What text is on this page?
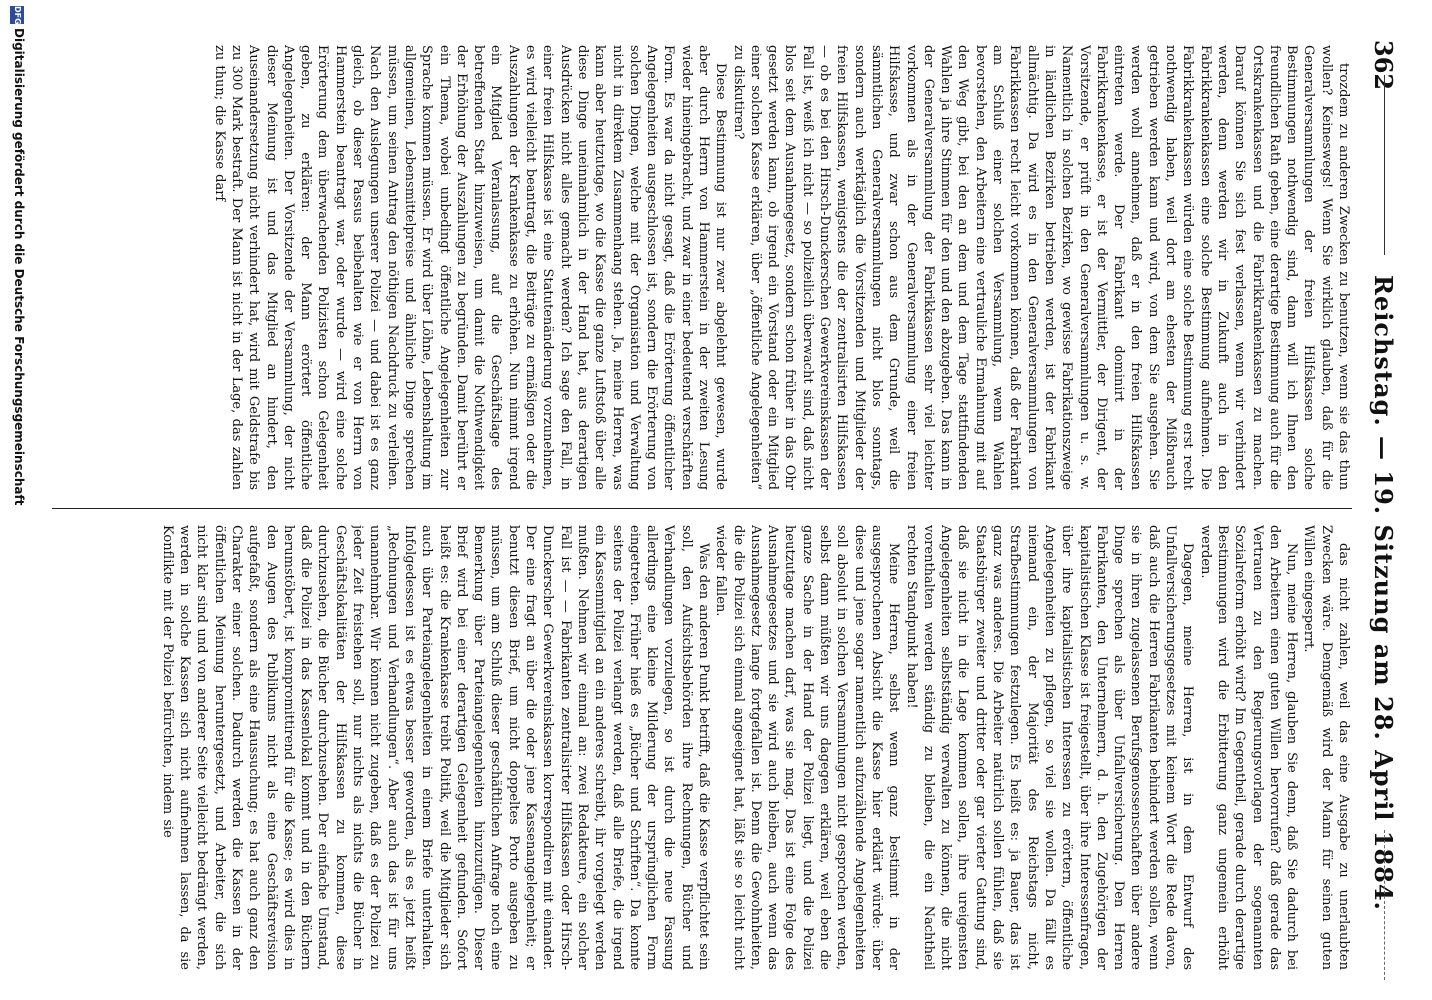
362
Reichstag. — 19. Sitzung am 28. April 1884.

trozdem zu anderen Zwecken zu benutzen, wenn sie das thun wollen? Keineswegs! Wenn Sie wirklich glauben, daß für die Generalversammlungen der freien Hilfskassen solche Bestimmungen nothwendig sind, dann will ich Ihnen den freundlichen Rath geben, eine derartige Bestimmung auch für die Ortskrankenkassen und die Fabrikkrankenkassen zu machen. Darauf können Sie sich fest verlassen, wenn wir verhindert werden, denn werden wir in Zukunft auch in den Fabrikkrankenkassen eine solche Bestimmung aufnehmen. Die Fabrikkrankenkassen würden eine solche Bestimmung erst recht nothwendig haben, weil dort am ehesten der Mißbrauch getrieben werden kann und wird, von dem Sie ausgehen. Sie werden wohl annehmen, daß er in den freien Hilfskassen eintreten werde. Der Fabrikant dominirt in der Fabrikkrankenkasse, er ist der Vermittler, der Dirigent, der Vorsitzende, er prüft in den Generalversammlungen u. s. w. Namentlich in solchen Bezirken, wo gewisse Fabrikationszweige in ländlichen Bezirken betrieben werden, ist der Fabrikant allmächtig. Da wird es in den Generalversammlungen von Fabrikkassen recht leicht vorkommen können, daß der Fabrikant am Schluß einer solchen Versammlung, wenn Wahlen bevorstehen, den Arbeitern eine vertrauliche Ermahnung mit auf den Weg gibt, bei den an dem und dem Tage stattfindenden Wahlen ja ihre Stimmen für den und den abzugeben. Das kann in der Generalversammlung der Fabrikkassen sehr viel leichter vorkommen als in der Generalversammlung einer freien Hilfskasse, und zwar schon aus dem Grunde, weil die sämmtlichen Generalversammlungen nicht blos sonntags, sondern auch werktäglich die Vorsitzenden und Mitglieder der freien Hilfskassen, wenigstens die der zentralisirten Hilfskassen — ob es bei den Hirsch-Dunckerschen Gewerkvereinskassen der Fall ist, weiß ich nicht — so polizeilich überwacht sind, daß nicht blos seit dem Ausnahmegesetz, sondern schon früher in das Ohr gesetzt werden kann, ob irgend ein Vorstand oder ein Mitglied einer solchen Kasse erklären, über „öffentliche Angelegenheiten“ zu diskutiren?

Diese Bestimmung ist nur zwar abgelehnt gewesen, wurde aber durch Herrn von Hammerstein in der zweiten Lesung wieder hineingebracht, und zwar in einer bedeutend verschärften Form. Es war da nicht gesagt, daß die Erörterung öffentlicher Angelegenheiten ausgeschlossen ist, sondern die Erörterung von solchen Dingen, welche mit der Organisation und Verwaltung nicht in direktem Zusammenhang stehen. Ja, meine Herren, was kann aber heutzutage, wo die Kasse die ganze Luftstoß über alle diese Dinge uneinnahmlich in der Hand hat, aus derartigen Ausdrücken nicht alles gemacht werden? Ich sage den Fall, in einer freien Hilfskasse ist eine Statutenänderung vorzunehmen, es wird vielleicht beantragt, die Beiträge zu ermäßigen oder die Auszahlungen der Krankenkasse zu erhöhen. Nun nimmt irgend ein Mitglied Veranlassung, auf die Geschäftslage des betreffenden Stadt hinzuweisen, um damit die Nothwendigkeit der Erhöhung der Auszahlungen zu begründen. Damit berührt er ein Thema, wobei unbedingt öffentliche Angelegenheiten zur Sprache kommen müssen. Er wird über Löhne, Lebenshaltung im allgemeinen, Lebensmittelpreise und ähnliche Dinge sprechen müssen, um seinen Antrag den nöthigen Nachdruck zu verleihen. Nach den Auslegungen unserer Polizei — und dabei ist es ganz gleich, ob dieser Passus beibehalten wie er von Herrn von Hammerstein beantragt war, oder wurde — wird eine solche Erörterung dem überwachenden Polizisten schon Gelegenheit geben, zu erklären: der Mann erörtert öffentliche Angelegenheiten. Der Vorsitzende der Versammlung, der nicht dieser Meinung ist und das Mitglied an hindert, den Auseinandersetzung nicht verhindert hat, wird mit Geldstrafe bis zu 300 Mark bestraft. Der Mann ist nicht in der Lage, das zahlen zu thun; die Kasse darf

das nicht zahlen, weil das eine Ausgabe zu unerlaubten Zwecken wäre. Demgemäß wird der Mann für seinen guten Willen eingesperrt.

Nun, meine Herren, glauben Sie denn, daß Sie dadurch bei den Arbeitern einen guten Willen hervorrufen? daß gerade das Vertrauen zu den Regierungsvorlagen der sogenannten Sozialreform erhöht wird? Im Gegentheil, gerade durch derartige Bestimmungen wird die Erbitterung ganz ungemein erhöht werden.

Dagegen, meine Herren, ist in dem Entwurf des Unfallversicherungsgesetzes mit keinem Wort die Rede davon, daß auch die Herren Fabrikanten behindert werden sollen, wenn sie in ihren zugelassenen Berufsgenossenschaften über andere Dinge sprechen als über Unfallversicherung. Den Herren Fabrikanten, den Unternehmern, d. h. den Zugehörigen der kapitalistischen Klasse ist freigestellt, über ihre Interessenfragen, über ihre kapitalistischen Interessen zu erörtern, öffentliche Angelegenheiten zu pflegen, so viel sie wollen. Da fällt es niemand ein, der Majorität des Reichstags nicht, Strafbestimmungen festzulegen. Es heißt es: ja Bauer, das ist ganz was anderes. Die Arbeiter natürlich sollen fühlen, daß sie Staatsbürger zweiter und dritter oder gar vierter Gattung sind, daß sie nicht in die Lage kommen sollen, ihre ureigensten Angelegenheiten selbstständig verwalten zu können, die nicht vorenthalten werden ständig zu bleiben, die ein Nachtheil rechten Standpunkt haben!

Meine Herren, selbst wenn ganz bestimmt in der ausgesprochenen Absicht die Kasse hier erklärt würde: über diese und jene sogar namentlich aufzuzählende Angelegenheiten soll absolut in solchen Versammlungen nicht gesprochen werden, selbst dann müßten wir uns dagegen erklären, weil eben die ganze Sache in der Hand der Polizei liegt, und die Polizei heutzutage machen darf, was sie mag. Das ist eine Folge des Ausnahmegesetzes und sie wird auch bleiben, auch wenn das Ausnahmegesetz lange fortgefallen ist. Denn die Gewohnheiten, die die Polizei sich einmal angeeignet hat, läßt sie so leicht nicht wieder fallen.

Was den anderen Punkt betrifft, daß die Kasse verpflichtet sein soll, den Aufsichtsbehörden ihre Rechnungen, Bücher und Verhandlungen vorzulegen, so ist durch die neue Fassung allerdings eine kleine Milderung der ursprünglichen Form eingetreten. Früher hieß es „Bücher und Schriften“. Da konnte seitens der Polizei verlangt werden, daß alle Briefe, die irgend ein Kassenmitglied an ein anderes schreibt, ihr vorgelegt werden mußten. Nehmen wir einmal an: zwei Redakteure, ein solcher Fall ist — — Fabrikanten zentralisirter Hilfskassen oder Hirsch-Dunckerscher Gewerkvereinskassen korrespondiren mit einander. Der eine fragt an über die oder jene Kassenangelegenheit; er benutzt diesen Brief, um nicht doppeltes Porto ausgeben zu müssen, um am Schluß dieser geschäftlichen Anfrage noch eine Bemerkung über Parteiangelegenheiten hinzuzufügen. Dieser Brief wird bei einer derartigen Gelegenheit gefunden. Sofort heißt es: die Krankenkasse treibt Politik, weil die Mitglieder sich auch über Parteiangelegenheiten in einem Briefe unterhalten. Infolgedessen ist es etwas besser geworden, als es jetzt heißt „Rechnungen und Verhandlungen“. Aber auch das ist für uns unannehmbar. Wir können nicht zugeben, daß es der Polizei zu jeder Zeit freistehen soll, nur nichts als nichts die Bücher in Geschäftslokalitäten der Hilfskassen zu kommen, diese durchzusehen, die Bücher durchzusehen. Der einfache Umstand, daß die Polizei in das Kassenlokal kommt und in den Büchern herumstöbert, ist kompromittirend für die Kasse; es wird dies in den Augen des Publikums nicht als eine Geschäftsrevision aufgefaßt, sondern als eine Haussuchung; es hat auch ganz den Charakter einer solchen. Dadurch werden die Kassen in der öffentlichen Meinung heruntergesetzt, und Arbeiter, die sich nicht klar sind und von anderer Seite vielleicht bedrängt werden, werden in solche Kassen sich nicht aufnehmen lassen, da sie Konflikte mit der Polizei befürchten, indem sie

DFG
Digitalisierung gefördert durch die Deutsche Forschungsgemeinschaft
